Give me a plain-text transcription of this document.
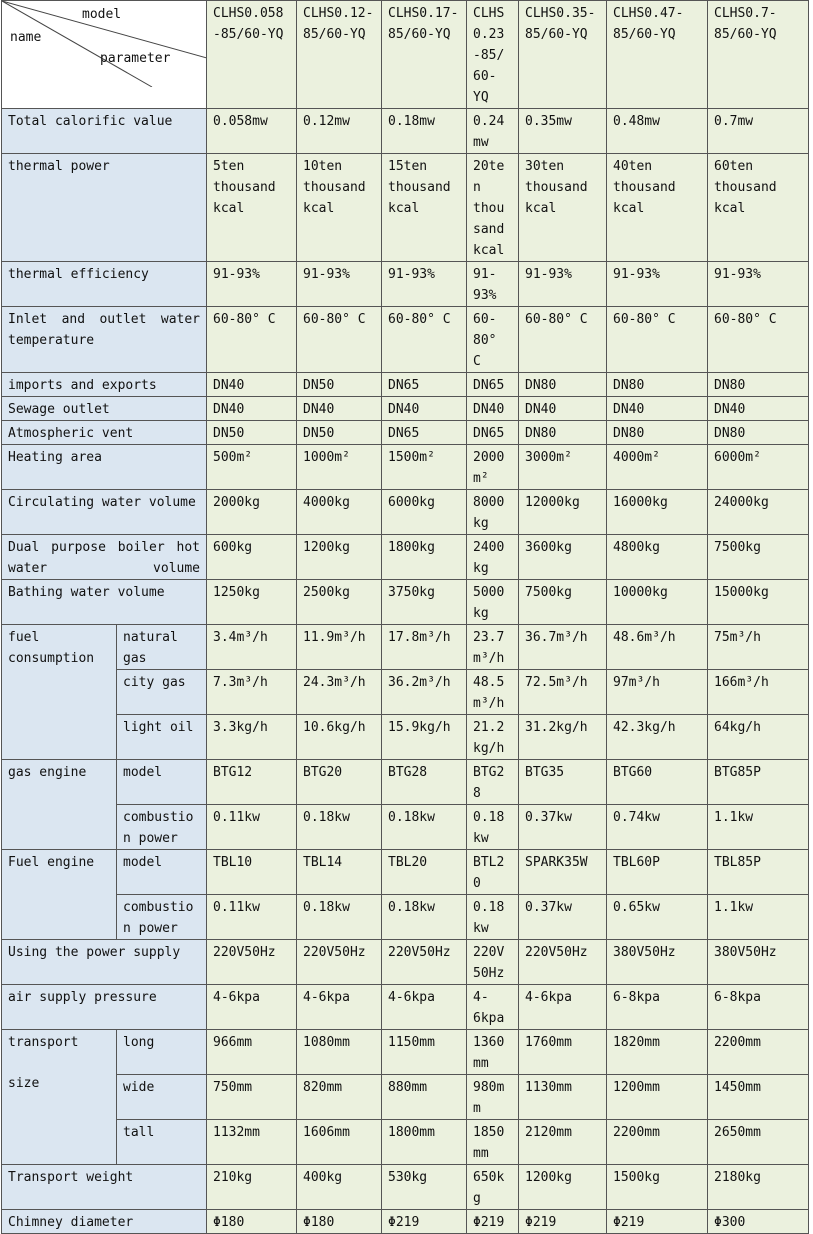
model
name
parameter		CLHS0.058-85/60-YQ	CLHS0.12-85/60-YQ	CLHS0.17-85/60-YQ	CLHS0.23-85/60-YQ	CLHS0.35-85/60-YQ	CLHS0.47-85/60-YQ	CLHS0.7-85/60-YQ
Total calorific value		0.058mw	0.12mw	0.18mw	0.24mw	0.35mw	0.48mw	0.7mw
thermal power		5ten thousand kcal	10ten thousand kcal	15ten thousand kcal	20ten thousand kcal	30ten thousand kcal	40ten thousand kcal	60ten thousand kcal
thermal efficiency		91-93%	91-93%	91-93%	91-93%	91-93%	91-93%	91-93%

Inlet and outlet water temperature		60-80° C	60-80° C	60-80° C	60-80° C	60-80° C	60-80° C	60-80° C
imports and exports		DN40	DN50	DN65	DN65	DN80	DN80	DN80
Sewage outlet		DN40	DN40	DN40	DN40	DN40	DN40	DN40
Atmospheric vent		DN50	DN50	DN65	DN65	DN80	DN80	DN80
Heating area		500m²	1000m²	1500m²	2000m²	3000m²	4000m²	6000m²
Circulating water volume		2000kg	4000kg	6000kg	8000kg	12000kg	16000kg	24000kg

Dual purpose boiler hot water volume		600kg	1200kg	1800kg	2400kg	3600kg	4800kg	7500kg
Bathing water volume		1250kg	2500kg	3750kg	5000kg	7500kg	10000kg	15000kg
fuel consumption	natural gas	3.4m³/h	11.9m³/h	17.8m³/h	23.7m³/h	36.7m³/h	48.6m³/h	75m³/h
	city gas	7.3m³/h	24.3m³/h	36.2m³/h	48.5m³/h	72.5m³/h	97m³/h	166m³/h
	light oil	3.3kg/h	10.6kg/h	15.9kg/h	21.2kg/h	31.2kg/h	42.3kg/h	64kg/h
gas engine	model	BTG12	BTG20	BTG28	BTG28	BTG35	BTG60	BTG85P
	combustion power	0.11kw	0.18kw	0.18kw	0.18kw	0.37kw	0.74kw	1.1kw
Fuel engine	model	TBL10	TBL14	TBL20	BTL20	SPARK35W	TBL60P	TBL85P
	combustion power	0.11kw	0.18kw	0.18kw	0.18kw	0.37kw	0.65kw	1.1kw
Using the power supply		220V50Hz	220V50Hz	220V50Hz	220V50Hz	220V50Hz	380V50Hz	380V50Hz
air supply pressure		4-6kpa	4-6kpa	4-6kpa	4-6kpa	4-6kpa	6-8kpa	6-8kpa

transport
size	long	966mm	1080mm	1150mm	1360mm	1760mm	1820mm	2200mm
	wide	750mm	820mm	880mm	980mm	1130mm	1200mm	1450mm
	tall	1132mm	1606mm	1800mm	1850mm	2120mm	2200mm	2650mm
Transport weight		210kg	400kg	530kg	650kg	1200kg	1500kg	2180kg
Chimney diameter		Φ180	Φ180	Φ219	Φ219	Φ219	Φ219	Φ300
